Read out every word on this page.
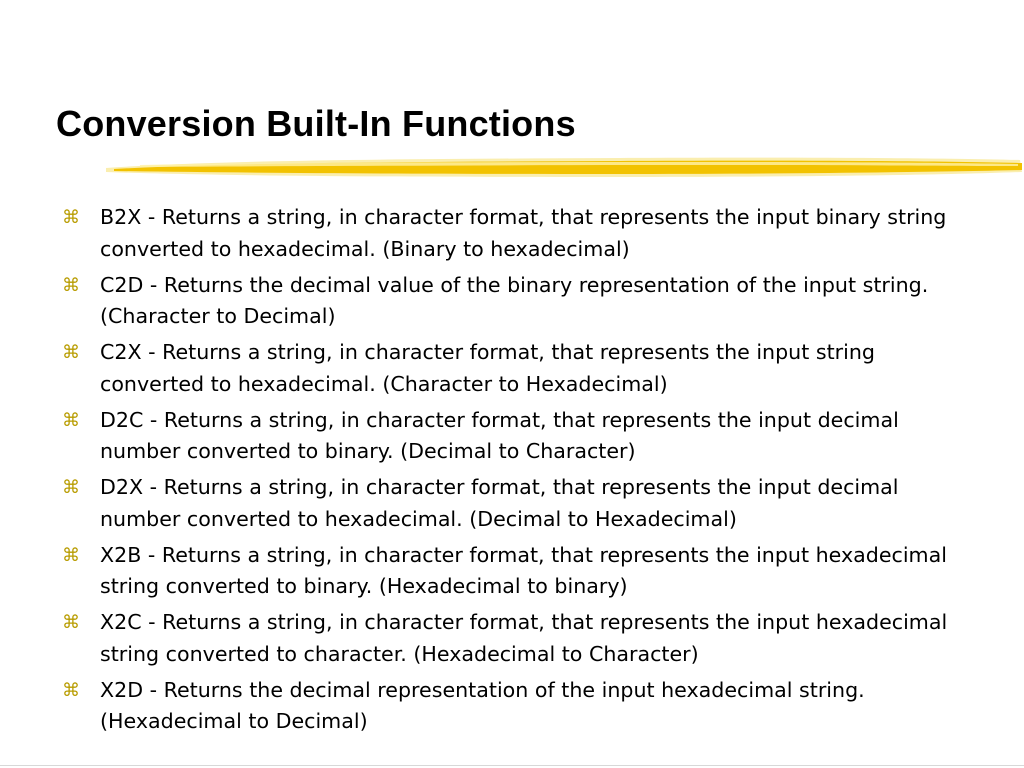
Conversion Built-In Functions
⌘ B2X - Returns a string, in character format, that represents the input binary string converted to hexadecimal. (Binary to hexadecimal)
⌘ C2D - Returns the decimal value of the binary representation of the input string. (Character to Decimal)
⌘ C2X - Returns a string, in character format, that represents the input string converted to hexadecimal. (Character to Hexadecimal)
⌘ D2C - Returns a string, in character format, that represents the input decimal number converted to binary. (Decimal to Character)
⌘ D2X - Returns a string, in character format, that represents the input decimal number converted to hexadecimal. (Decimal to Hexadecimal)
⌘ X2B - Returns a string, in character format, that represents the input hexadecimal string converted to binary. (Hexadecimal to binary)
⌘ X2C - Returns a string, in character format, that represents the input hexadecimal string converted to character. (Hexadecimal to Character)
⌘ X2D - Returns the decimal representation of the input hexadecimal string. (Hexadecimal to Decimal)
